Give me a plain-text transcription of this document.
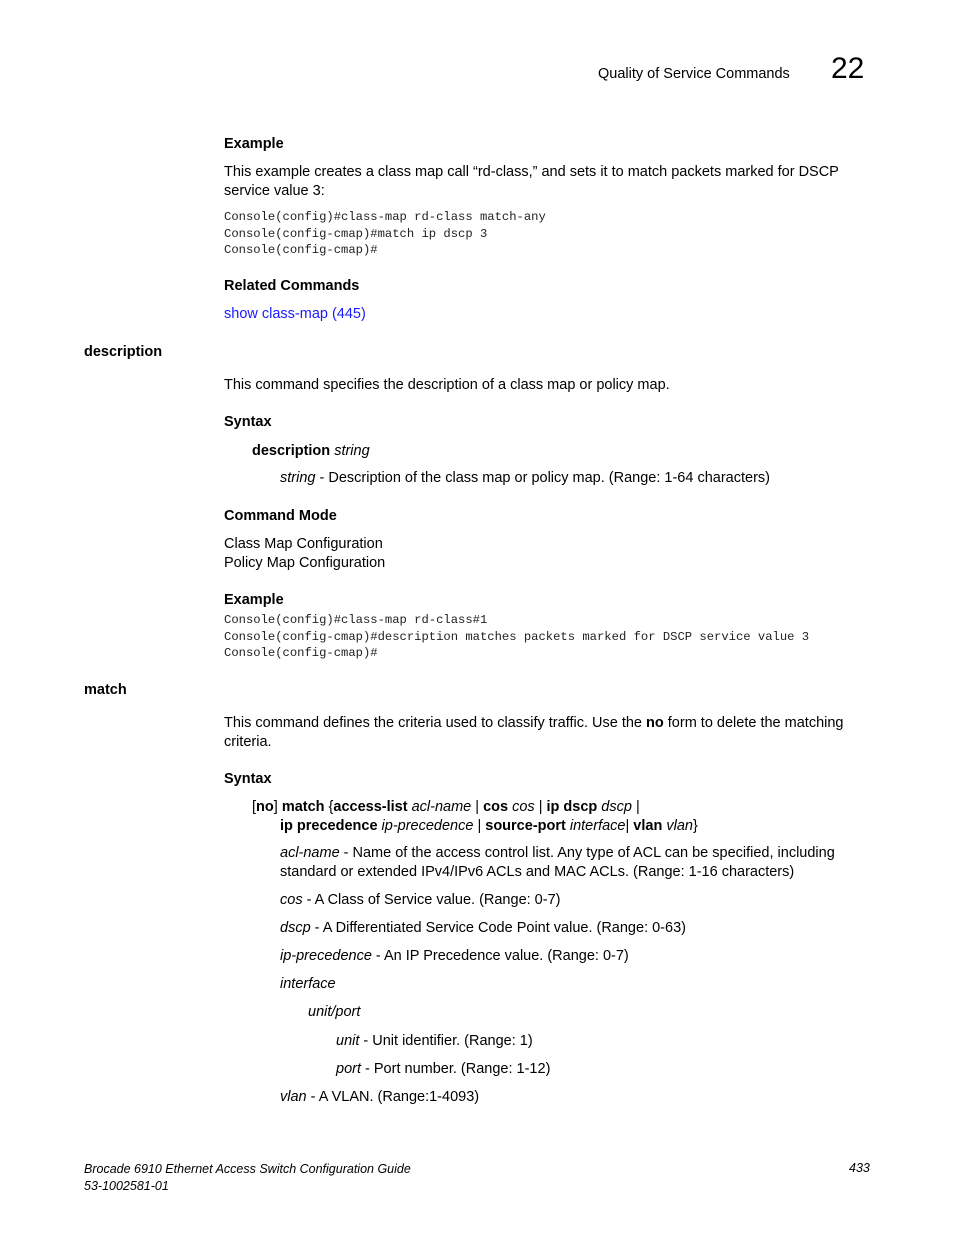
Quality of Service Commands 22
Example
This example creates a class map call “rd-class,” and sets it to match packets marked for DSCP service value 3:
Console(config)#class-map rd-class match-any
Console(config-cmap)#match ip dscp 3
Console(config-cmap)#
Related Commands
show class-map (445)
description
This command specifies the description of a class map or policy map.
Syntax
description string
string - Description of the class map or policy map. (Range: 1-64 characters)
Command Mode
Class Map Configuration
Policy Map Configuration
Example
Console(config)#class-map rd-class#1
Console(config-cmap)#description matches packets marked for DSCP service value 3
Console(config-cmap)#
match
This command defines the criteria used to classify traffic. Use the no form to delete the matching criteria.
Syntax
[no] match {access-list acl-name | cos cos | ip dscp dscp |
ip precedence ip-precedence | source-port interface| vlan vlan}
acl-name - Name of the access control list. Any type of ACL can be specified, including
standard or extended IPv4/IPv6 ACLs and MAC ACLs. (Range: 1-16 characters)
cos - A Class of Service value. (Range: 0-7)
dscp - A Differentiated Service Code Point value. (Range: 0-63)
ip-precedence - An IP Precedence value. (Range: 0-7)
interface
unit/port
unit - Unit identifier. (Range: 1)
port - Port number. (Range: 1-12)
vlan - A VLAN. (Range:1-4093)
Brocade 6910 Ethernet Access Switch Configuration Guide
53-1002581-01
433
